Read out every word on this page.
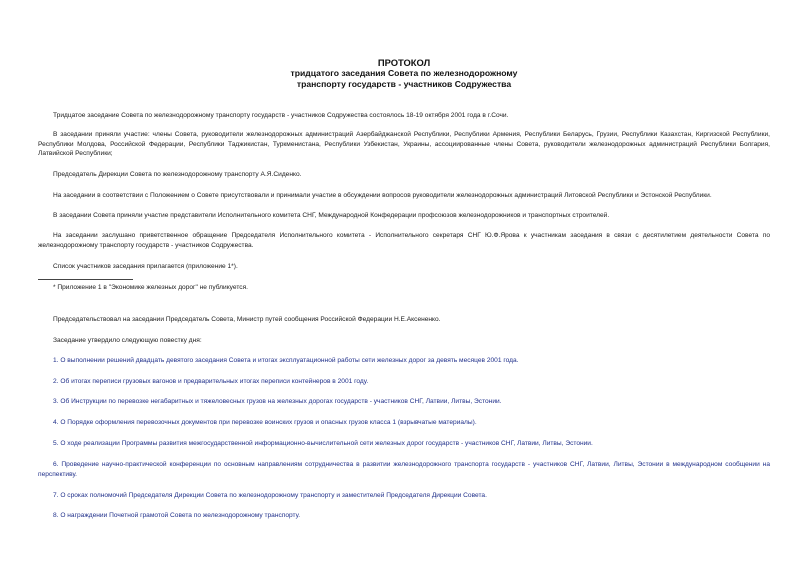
ПРОТОКОЛ
тридцатого заседания Совета по железнодорожному
транспорту государств - участников Содружества
Тридцатое заседание Совета по железнодорожному транспорту государств - участников Содружества состоялось 18-19 октября 2001 года в г.Сочи.
В заседании приняли участие: члены Совета, руководители железнодорожных администраций Азербайджанской Республики, Республики Армения, Республики Беларусь, Грузии, Республики Казахстан, Киргизской Республики, Республики Молдова, Российской Федерации, Республики Таджикистан, Туркменистана, Республики Узбекистан, Украины, ассоциированные члены Совета, руководители железнодорожных администраций Республики Болгария, Латвийской Республики;
Председатель Дирекции Совета по железнодорожному транспорту А.Я.Сиденко.
На заседании в соответствии с Положением о Совете присутствовали и принимали участие в обсуждении вопросов руководители железнодорожных администраций Литовской Республики и Эстонской Республики.
В заседании Совета приняли участие представители Исполнительного комитета СНГ, Международной Конфедерации профсоюзов железнодорожников и транспортных строителей.
На заседании заслушано приветственное обращение Председателя Исполнительного комитета - Исполнительного секретаря СНГ Ю.Ф.Ярова к участникам заседания в связи с десятилетием деятельности Совета по железнодорожному транспорту государств - участников Содружества.
Список участников заседания прилагается (приложение 1*).
* Приложение 1 в "Экономике железных дорог" не публикуется.
Председательствовал на заседании Председатель Совета, Министр путей сообщения Российской Федерации Н.Е.Аксененко.
Заседание утвердило следующую повестку дня:
1. О выполнении решений двадцать девятого заседания Совета и итогах эксплуатационной работы сети железных дорог за девять месяцев 2001 года.
2. Об итогах переписи грузовых вагонов и предварительных итогах переписи контейнеров в 2001 году.
3. Об Инструкции по перевозке негабаритных и тяжеловесных грузов на железных дорогах государств - участников СНГ, Латвии, Литвы, Эстонии.
4. О Порядке оформления перевозочных документов при перевозке воинских грузов и опасных грузов класса 1 (взрывчатые материалы).
5. О ходе реализации Программы развития межгосударственной информационно-вычислительной сети железных дорог государств - участников СНГ, Латвии, Литвы, Эстонии.
6. Проведение научно-практической конференции по основным направлениям сотрудничества в развитии железнодорожного транспорта государств - участников СНГ, Латвии, Литвы, Эстонии в международном сообщении на перспективу.
7. О сроках полномочий Председателя Дирекции Совета по железнодорожному транспорту и заместителей Председателя Дирекции Совета.
8. О награждении Почетной грамотой Совета по железнодорожному транспорту.
